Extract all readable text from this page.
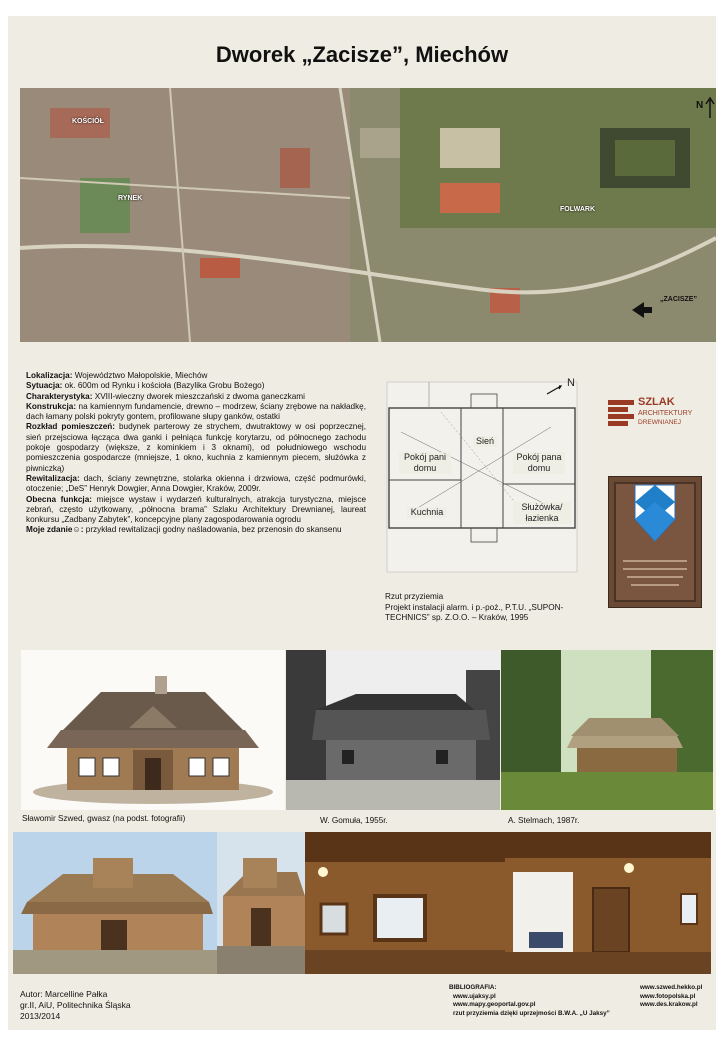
Dworek „Zacisze”, Miechów
KOŚCIÓŁ
RYNEK
FOLWARK
„ZACISZE”
N

Lokalizacja: Województwo Małopolskie, Miechów

Sytuacja: ok. 600m od Rynku i kościoła (Bazylika Grobu Bożego)

Charakterystyka: XVIII-wieczny dworek mieszczański z dwoma ganeczkami

Konstrukcja: na kamiennym fundamencie, drewno – modrzew, ściany zrębowe na nakładkę, dach łamany polski pokryty gontem, profilowane słupy ganków, ostatki

Rozkład pomieszczeń: budynek parterowy ze strychem, dwutraktowy w osi poprzecznej, sień przejsciowa łącząca dwa ganki i pełniąca funkcję korytarzu, od północnego zachodu pokoje gospodarzy (większe, z kominkiem i 3 oknami), od południowego wschodu pomieszczenia gospodarcze (mniejsze, 1 okno, kuchnia z kamiennym piecem, służówka z piwniczką)

Rewitalizacja: dach, ściany zewnętrzne, stolarka okienna i drzwiowa, część podmurówki, otoczenie; „DeS” Henryk Dowgier, Anna Dowgier, Kraków, 2009r.

Obecna funkcja: miejsce wystaw i wydarzeń kulturalnych, atrakcja turystyczna, miejsce zebrań, często użytkowany, „północna brama” Szlaku Architektury Drewnianej, laureat konkursu „Zadbany Zabytek”, koncepcyjne plany zagospodarowania ogrodu

Moje zdanie☺: przykład rewitalizacji godny naśladowania, bez przenosin do skansenu

N
Pokój pani domu
Sień
Pokój pana domu
Kuchnia	Służówka/ łazienka
Rzut przyziemia
Projekt instalacji alarm. i p.-poż., P.T.U. „SUPON-TECHNICS” sp. Z.O.O. – Kraków, 1995
SZLAK
ARCHITEKTURY
DREWNIANEJ
Sławomir Szwed, gwasz (na podst. fotografii)	W. Gomuła, 1955r.	A. Stelmach, 1987r.
Autor: Marcelline Pałka
gr.II, AiU, Politechnika Śląska
2013/2014
BIBLIOGRAFIA:
www.ujaksy.pl
www.mapy.geoportal.gov.pl
rzut przyziemia dzięki uprzejmości B.W.A. „U Jaksy”
www.szwed.hekko.pl
www.fotopolska.pl
www.des.krakow.pl
